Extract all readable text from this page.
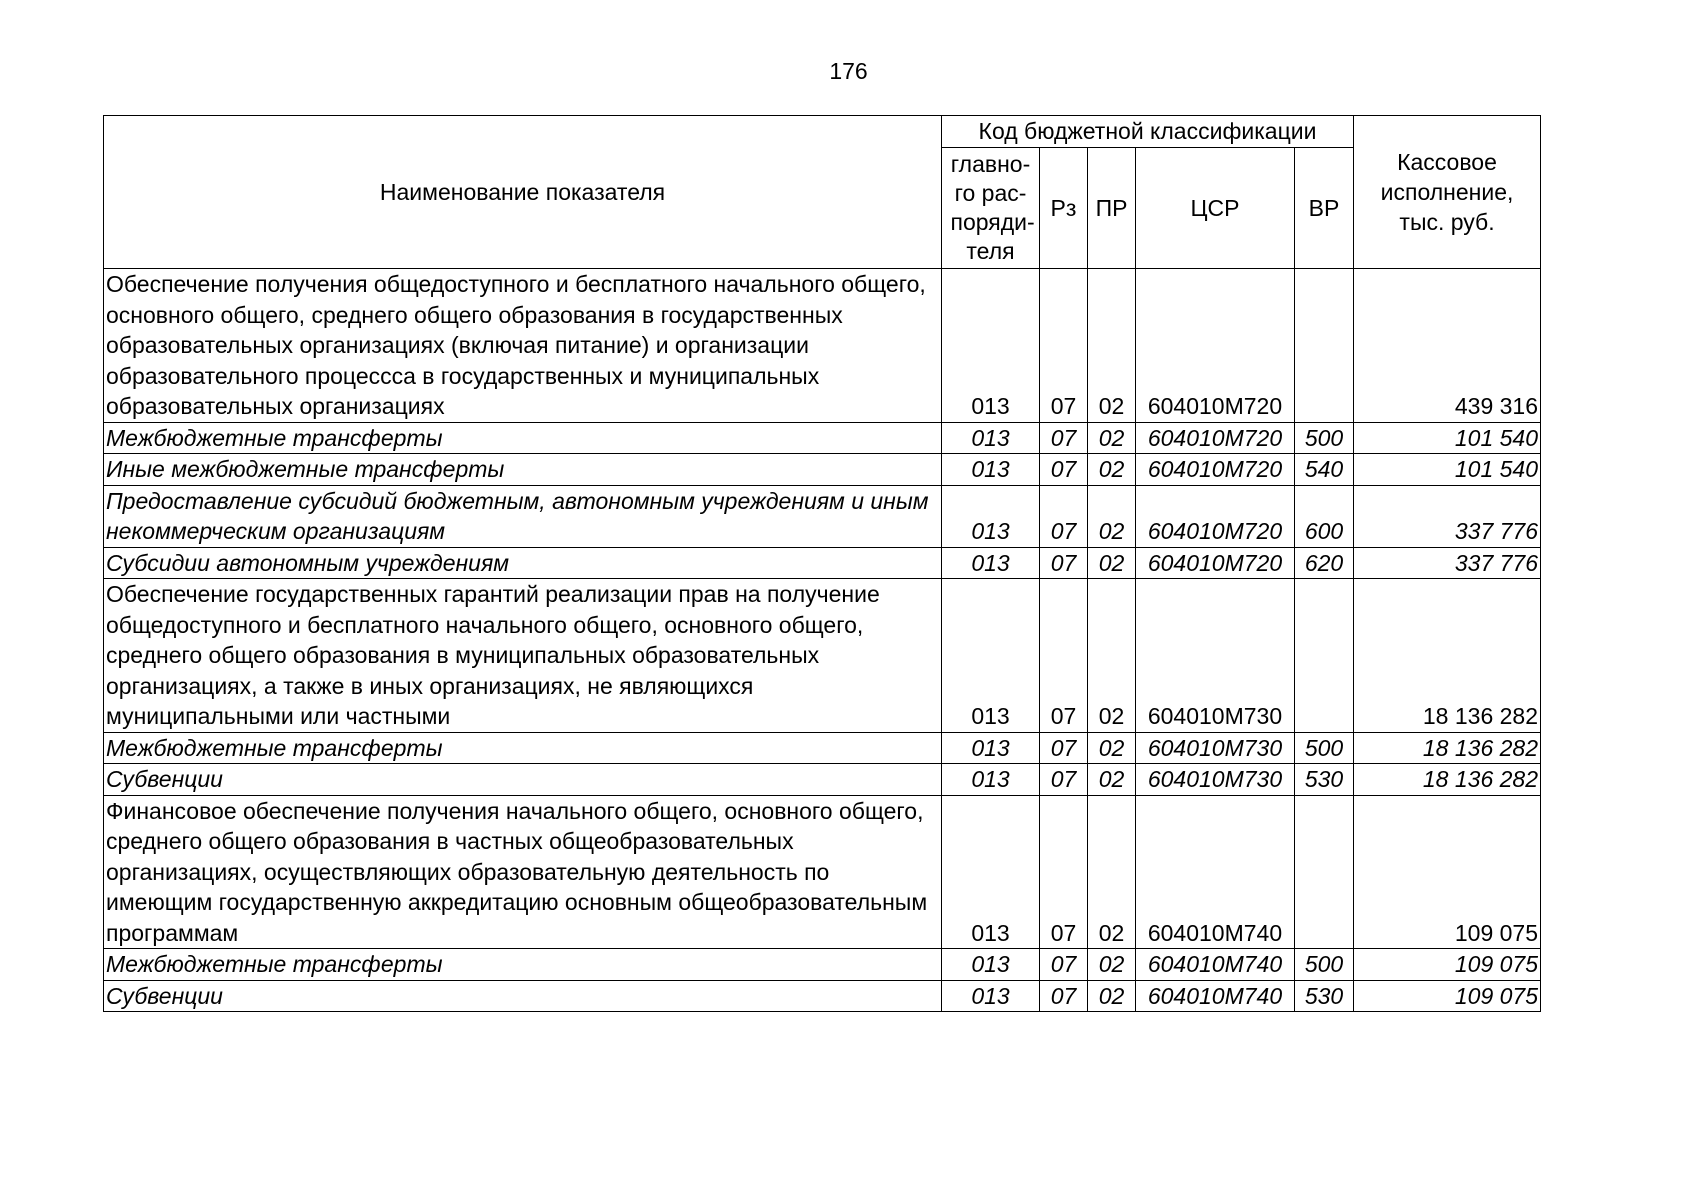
176
Наименование показателя	Код бюджетной классификации					Кассовое исполнение, тыс. руб.

	главно-го рас-поряди-теля	Рз	ПР	ЦСР	ВР	
Обеспечение получения общедоступного и бесплатного начального общего, основного общего, среднего общего образования в государственных образовательных организациях (включая питание) и организации образовательного процессса в государственных и муниципальных образовательных организациях	013	07	02	604010М720		439 316
Межбюджетные трансферты	013	07	02	604010М720	500	101 540
Иные межбюджетные трансферты	013	07	02	604010М720	540	101 540
Предоставление субсидий бюджетным, автономным учреждениям и иным некоммерческим организациям	013	07	02	604010М720	600	337 776
Субсидии автономным учреждениям	013	07	02	604010М720	620	337 776
Обеспечение государственных гарантий реализации прав на получение общедоступного и бесплатного начального общего, основного общего, среднего общего образования в муниципальных образовательных организациях, а также в иных организациях, не являющихся муниципальными или частными	013	07	02	604010М730		18 136 282
Межбюджетные трансферты	013	07	02	604010М730	500	18 136 282
Субвенции	013	07	02	604010М730	530	18 136 282
Финансовое обеспечение получения начального общего, основного общего, среднего общего образования в частных общеобразовательных организациях, осуществляющих образовательную деятельность по имеющим государственную аккредитацию основным общеобразовательным программам	013	07	02	604010М740		109 075
Межбюджетные трансферты	013	07	02	604010М740	500	109 075
Субвенции	013	07	02	604010М740	530	109 075
